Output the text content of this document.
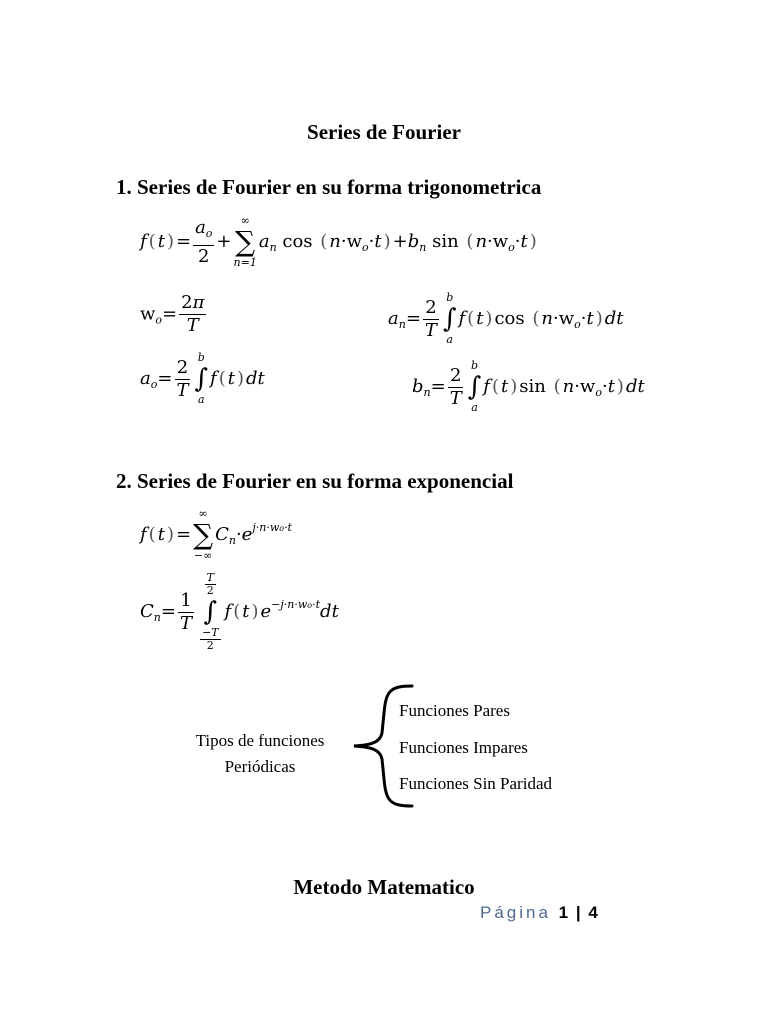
Series de Fourier
1. Series de Fourier en su forma trigonometrica
f ( t ) = $\frac{a_o}{2}$ +
∞
∑
n=1
$a_n$ cos ( $n\cdot w_o\cdot t$ ) $+b_n$ sin ( $n\cdot w_o\cdot t$ )
$w_o= \frac{2\pi}{T}$	$a_n= \frac{2}{T}$ b
∫
a
f ( t ) cos ( $n\cdot w_o\cdot t$ ) dt
$a_o= \frac{2}{T}$ b
∫
a
f ( t ) dt	$b_n= \frac{2}{T}$ b
∫
a
f ( t ) sin ( $n\cdot w_o\cdot t$ ) dt
2. Series de Fourier en su forma exponencial
f ( t ) =
∞
∑
−∞
$C_n\cdot e^{j\cdot n\cdot wo\cdot t}$
$C_n= \frac{1}{T}$
$\frac{T}{2}$
∫
$\frac{-T}{2}$
f ( t ) $e^{-j\cdot n\cdot wo\cdot t}dt$
Tipos de funciones Periódicas
Funciones Pares
Funciones Impares
Funciones Sin Paridad
Metodo Matematico
Página 1 | 4
